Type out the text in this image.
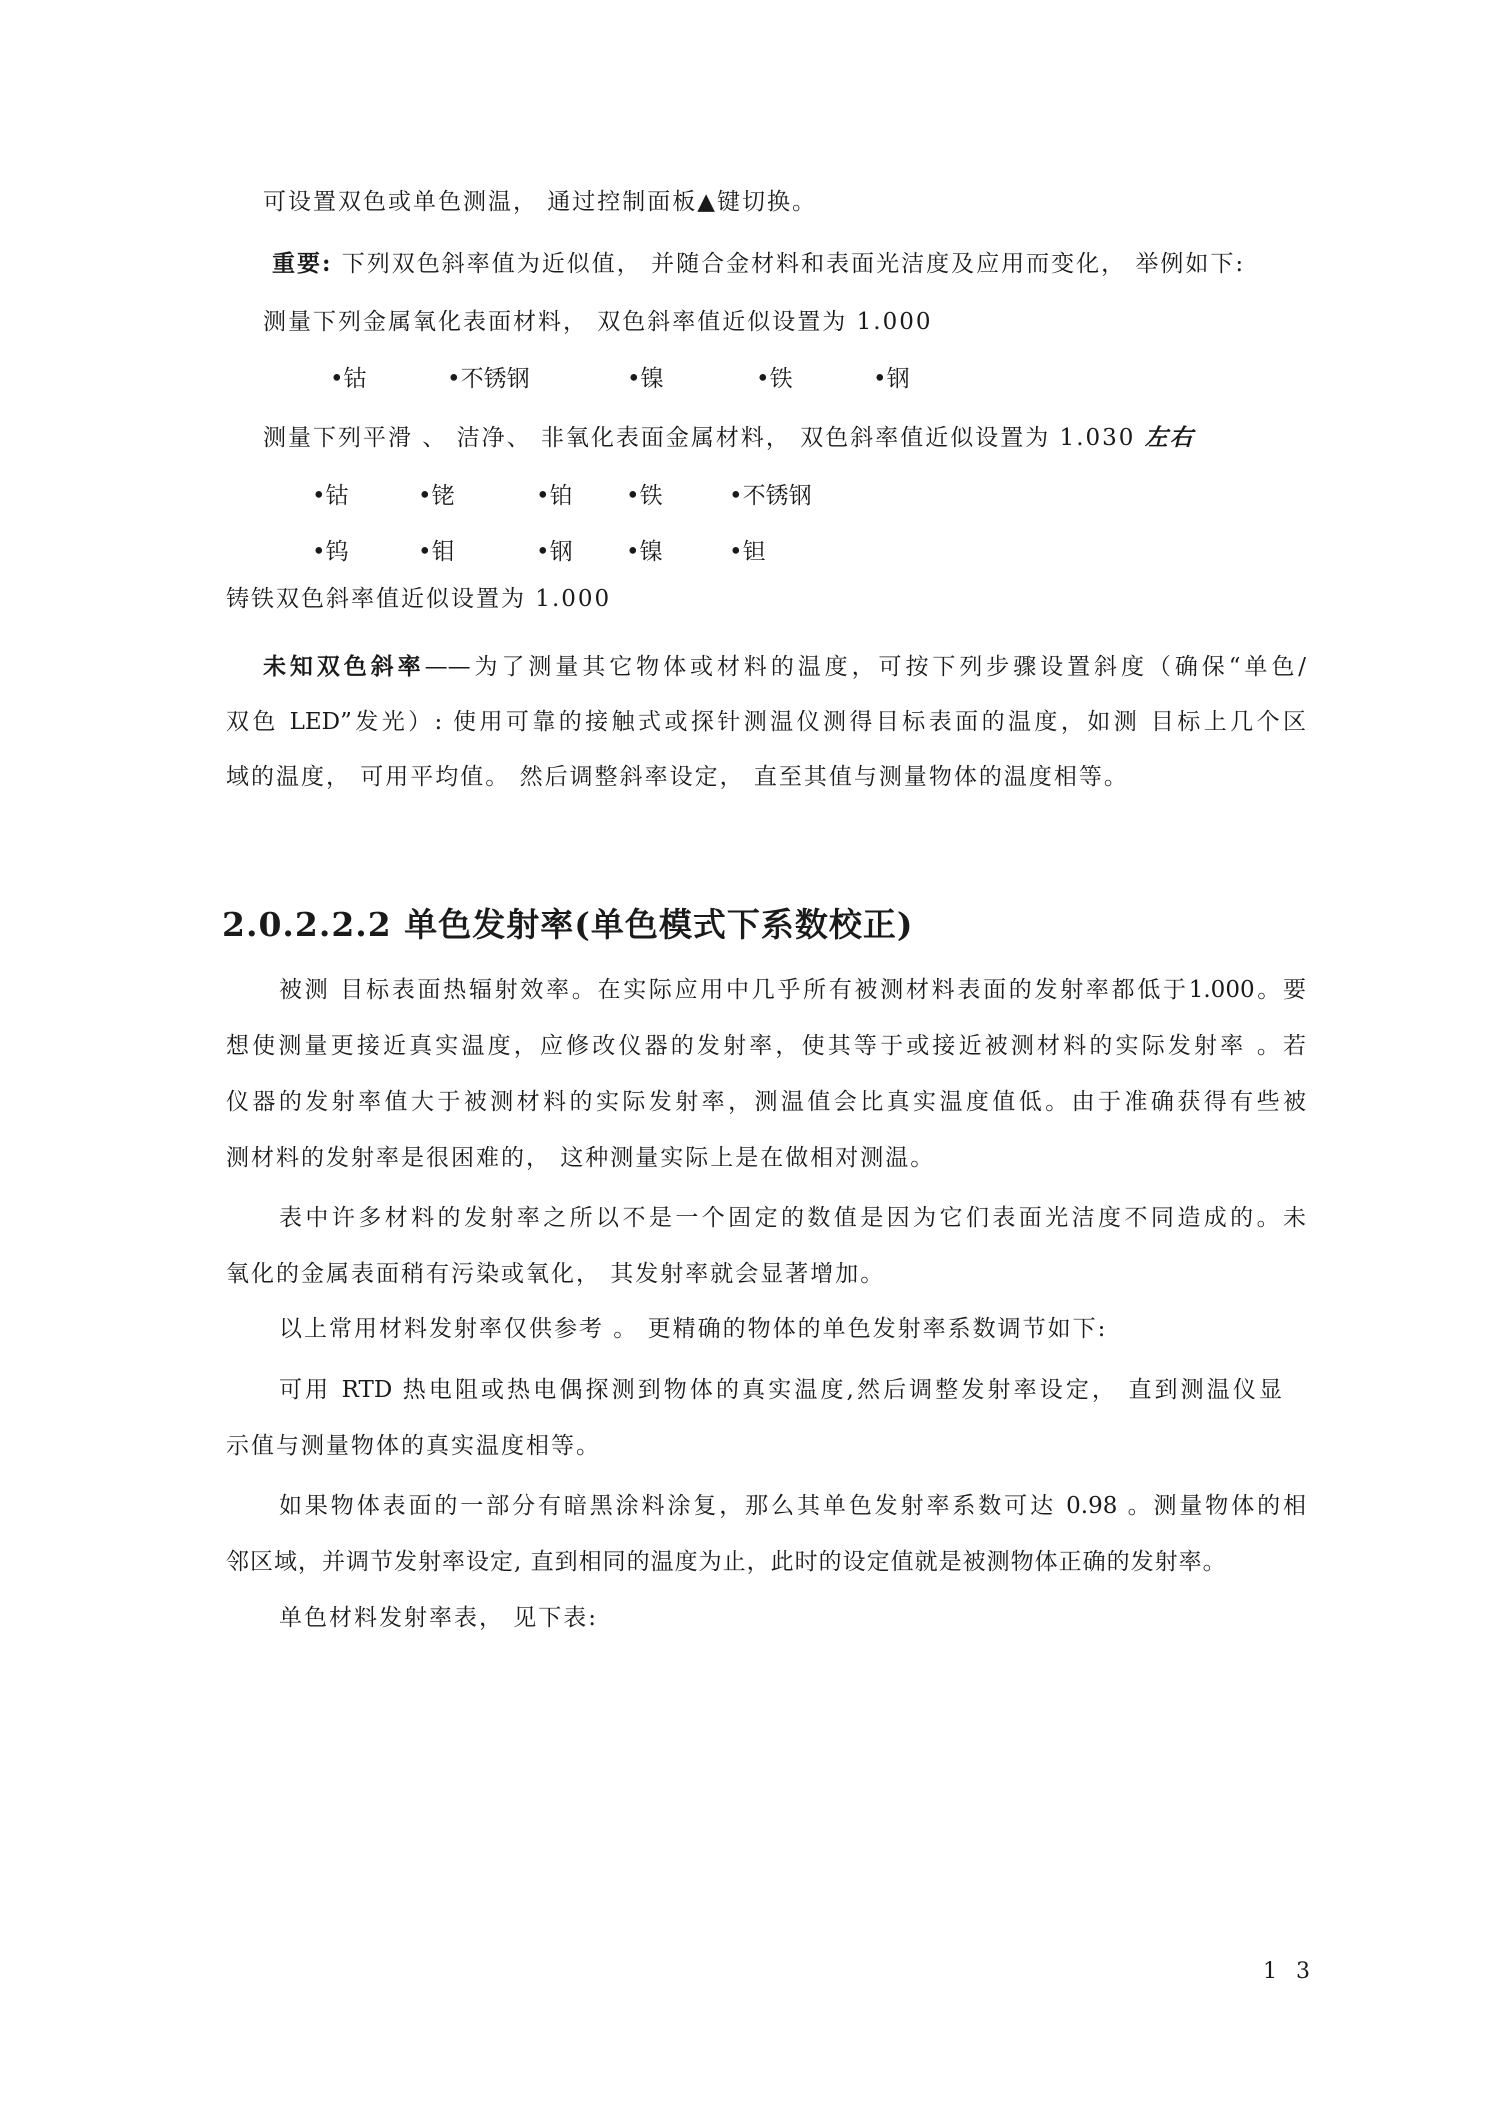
可设置双色或单色测温， 通过控制面板▲键切换。
重要: 下列双色斜率值为近似值， 并随合金材料和表面光洁度及应用而变化， 举例如下:
测量下列金属氧化表面材料， 双色斜率值近似设置为 1.000
•钴	•不锈钢	•镍	•铁	•钢
测量下列平滑 、 洁净、 非氧化表面金属材料， 双色斜率值近似设置为 1.030 左右
•钴	•铑	•铂 •铁	•不锈钢
•钨	•钼	•钢 •镍	•钽
铸铁双色斜率值近似设置为 1.000
未知双色斜率——为了测量其它物体或材料的温度，可按下列步骤设置斜度（确保“单色/
双色 LED”发光）: 使用可靠的接触式或探针测温仪测得目标表面的温度，如测 目标上几个区
域的温度， 可用平均值。 然后调整斜率设定， 直至其值与测量物体的温度相等。
2.0.2.2.2 单色发射率(单色模式下系数校正)
被测 目标表面热辐射效率。在实际应用中几乎所有被测材料表面的发射率都低于1.000。要
想使测量更接近真实温度，应修改仪器的发射率，使其等于或接近被测材料的实际发射率 。若
仪器的发射率值大于被测材料的实际发射率，测温值会比真实温度值低。由于准确获得有些被
测材料的发射率是很困难的， 这种测量实际上是在做相对测温。
表中许多材料的发射率之所以不是一个固定的数值是因为它们表面光洁度不同造成的。未
氧化的金属表面稍有污染或氧化， 其发射率就会显著增加。
以上常用材料发射率仅供参考 。 更精确的物体的单色发射率系数调节如下:
可用 RTD 热电阻或热电偶探测到物体的真实温度,然后调整发射率设定， 直到测温仪显
示值与测量物体的真实温度相等。
如果物体表面的一部分有暗黑涂料涂复，那么其单色发射率系数可达 0.98 。测量物体的相
邻区域，并调节发射率设定, 直到相同的温度为止，此时的设定值就是被测物体正确的发射率。
单色材料发射率表， 见下表:
1 3
